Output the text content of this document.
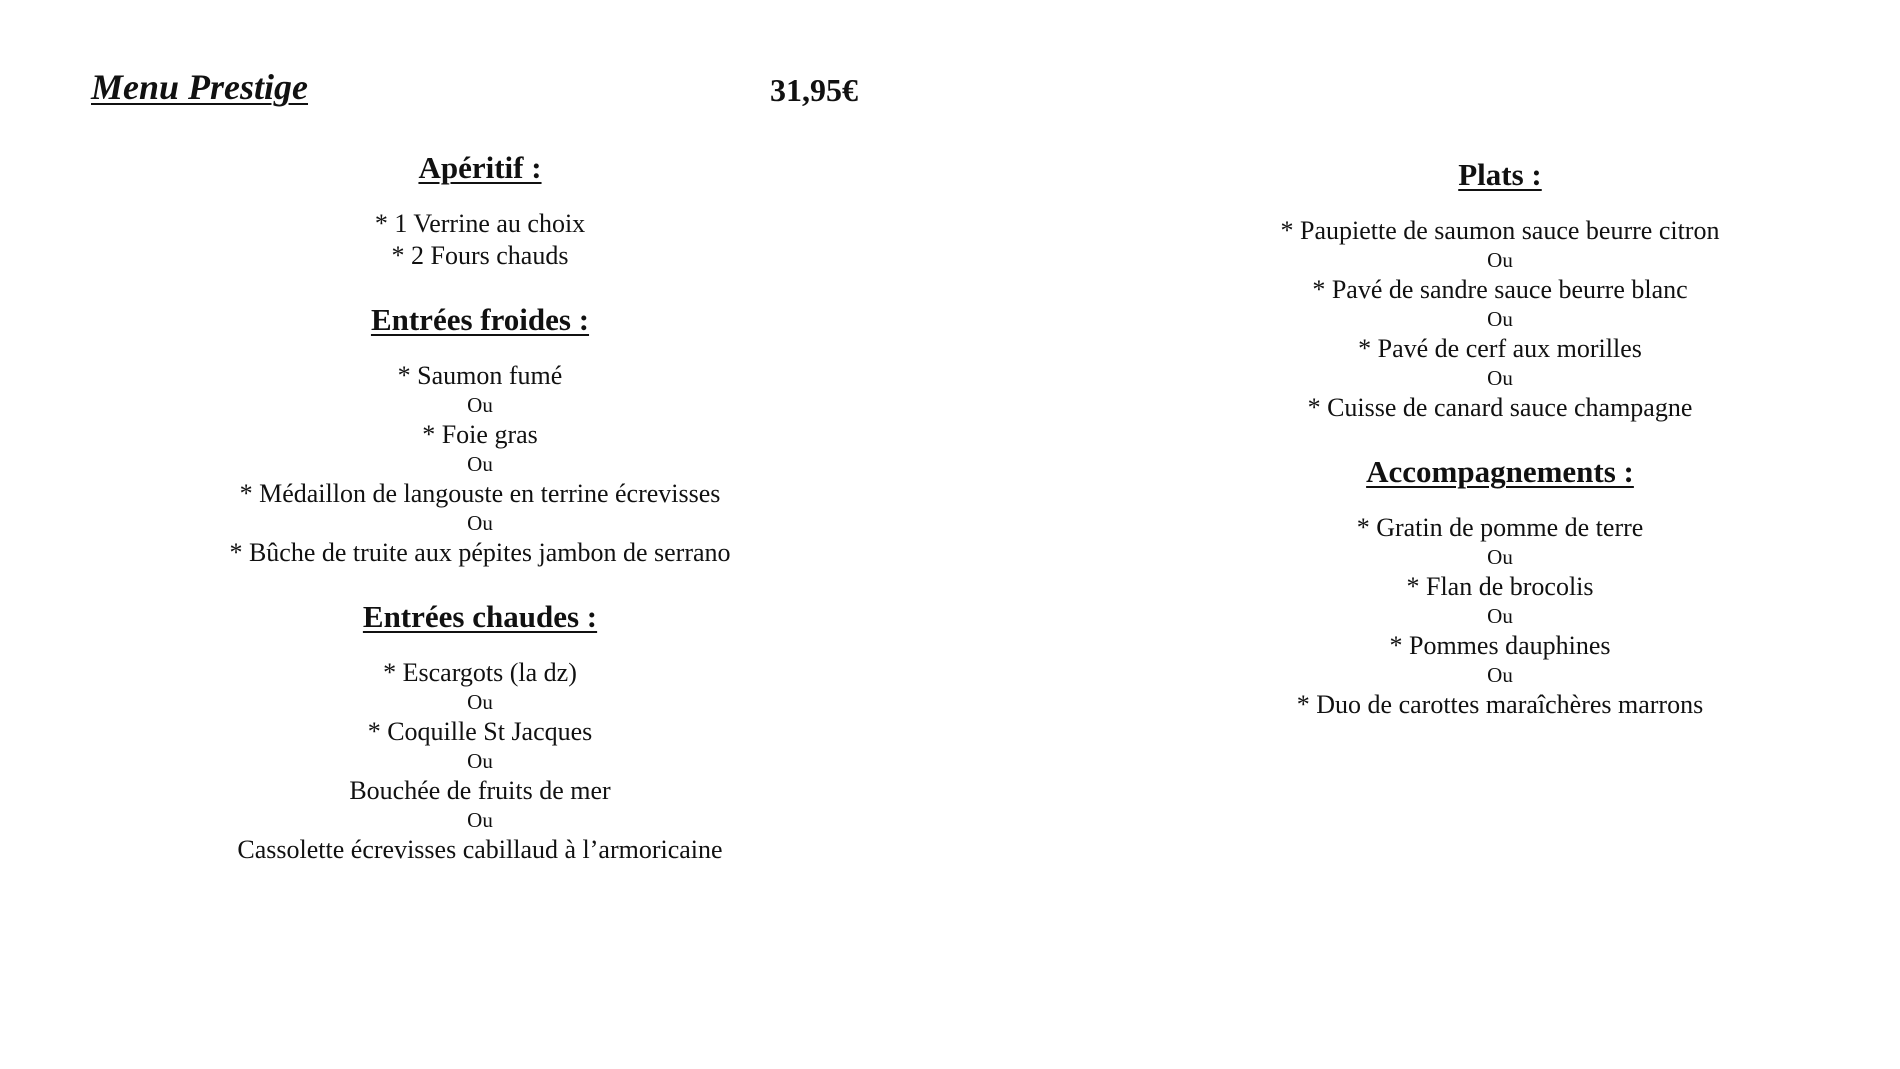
Menu Prestige	31,95€
Apéritif :
* 1 Verrine au choix
* 2 Fours chauds
Entrées froides :
* Saumon fumé
Ou
* Foie gras
Ou
* Médaillon de langouste en terrine écrevisses
Ou
* Bûche de truite aux pépites jambon de serrano
Entrées chaudes :
* Escargots (la dz)
Ou
* Coquille St Jacques
Ou
Bouchée de fruits de mer
Ou
Cassolette écrevisses cabillaud à l’armoricaine
Plats :
* Paupiette de saumon sauce beurre citron
Ou
* Pavé de sandre sauce beurre blanc
Ou
* Pavé de cerf aux morilles
Ou
* Cuisse de canard sauce champagne
Accompagnements :
* Gratin de pomme de terre
Ou
* Flan de brocolis
Ou
* Pommes dauphines
Ou
* Duo de carottes maraîchères marrons
